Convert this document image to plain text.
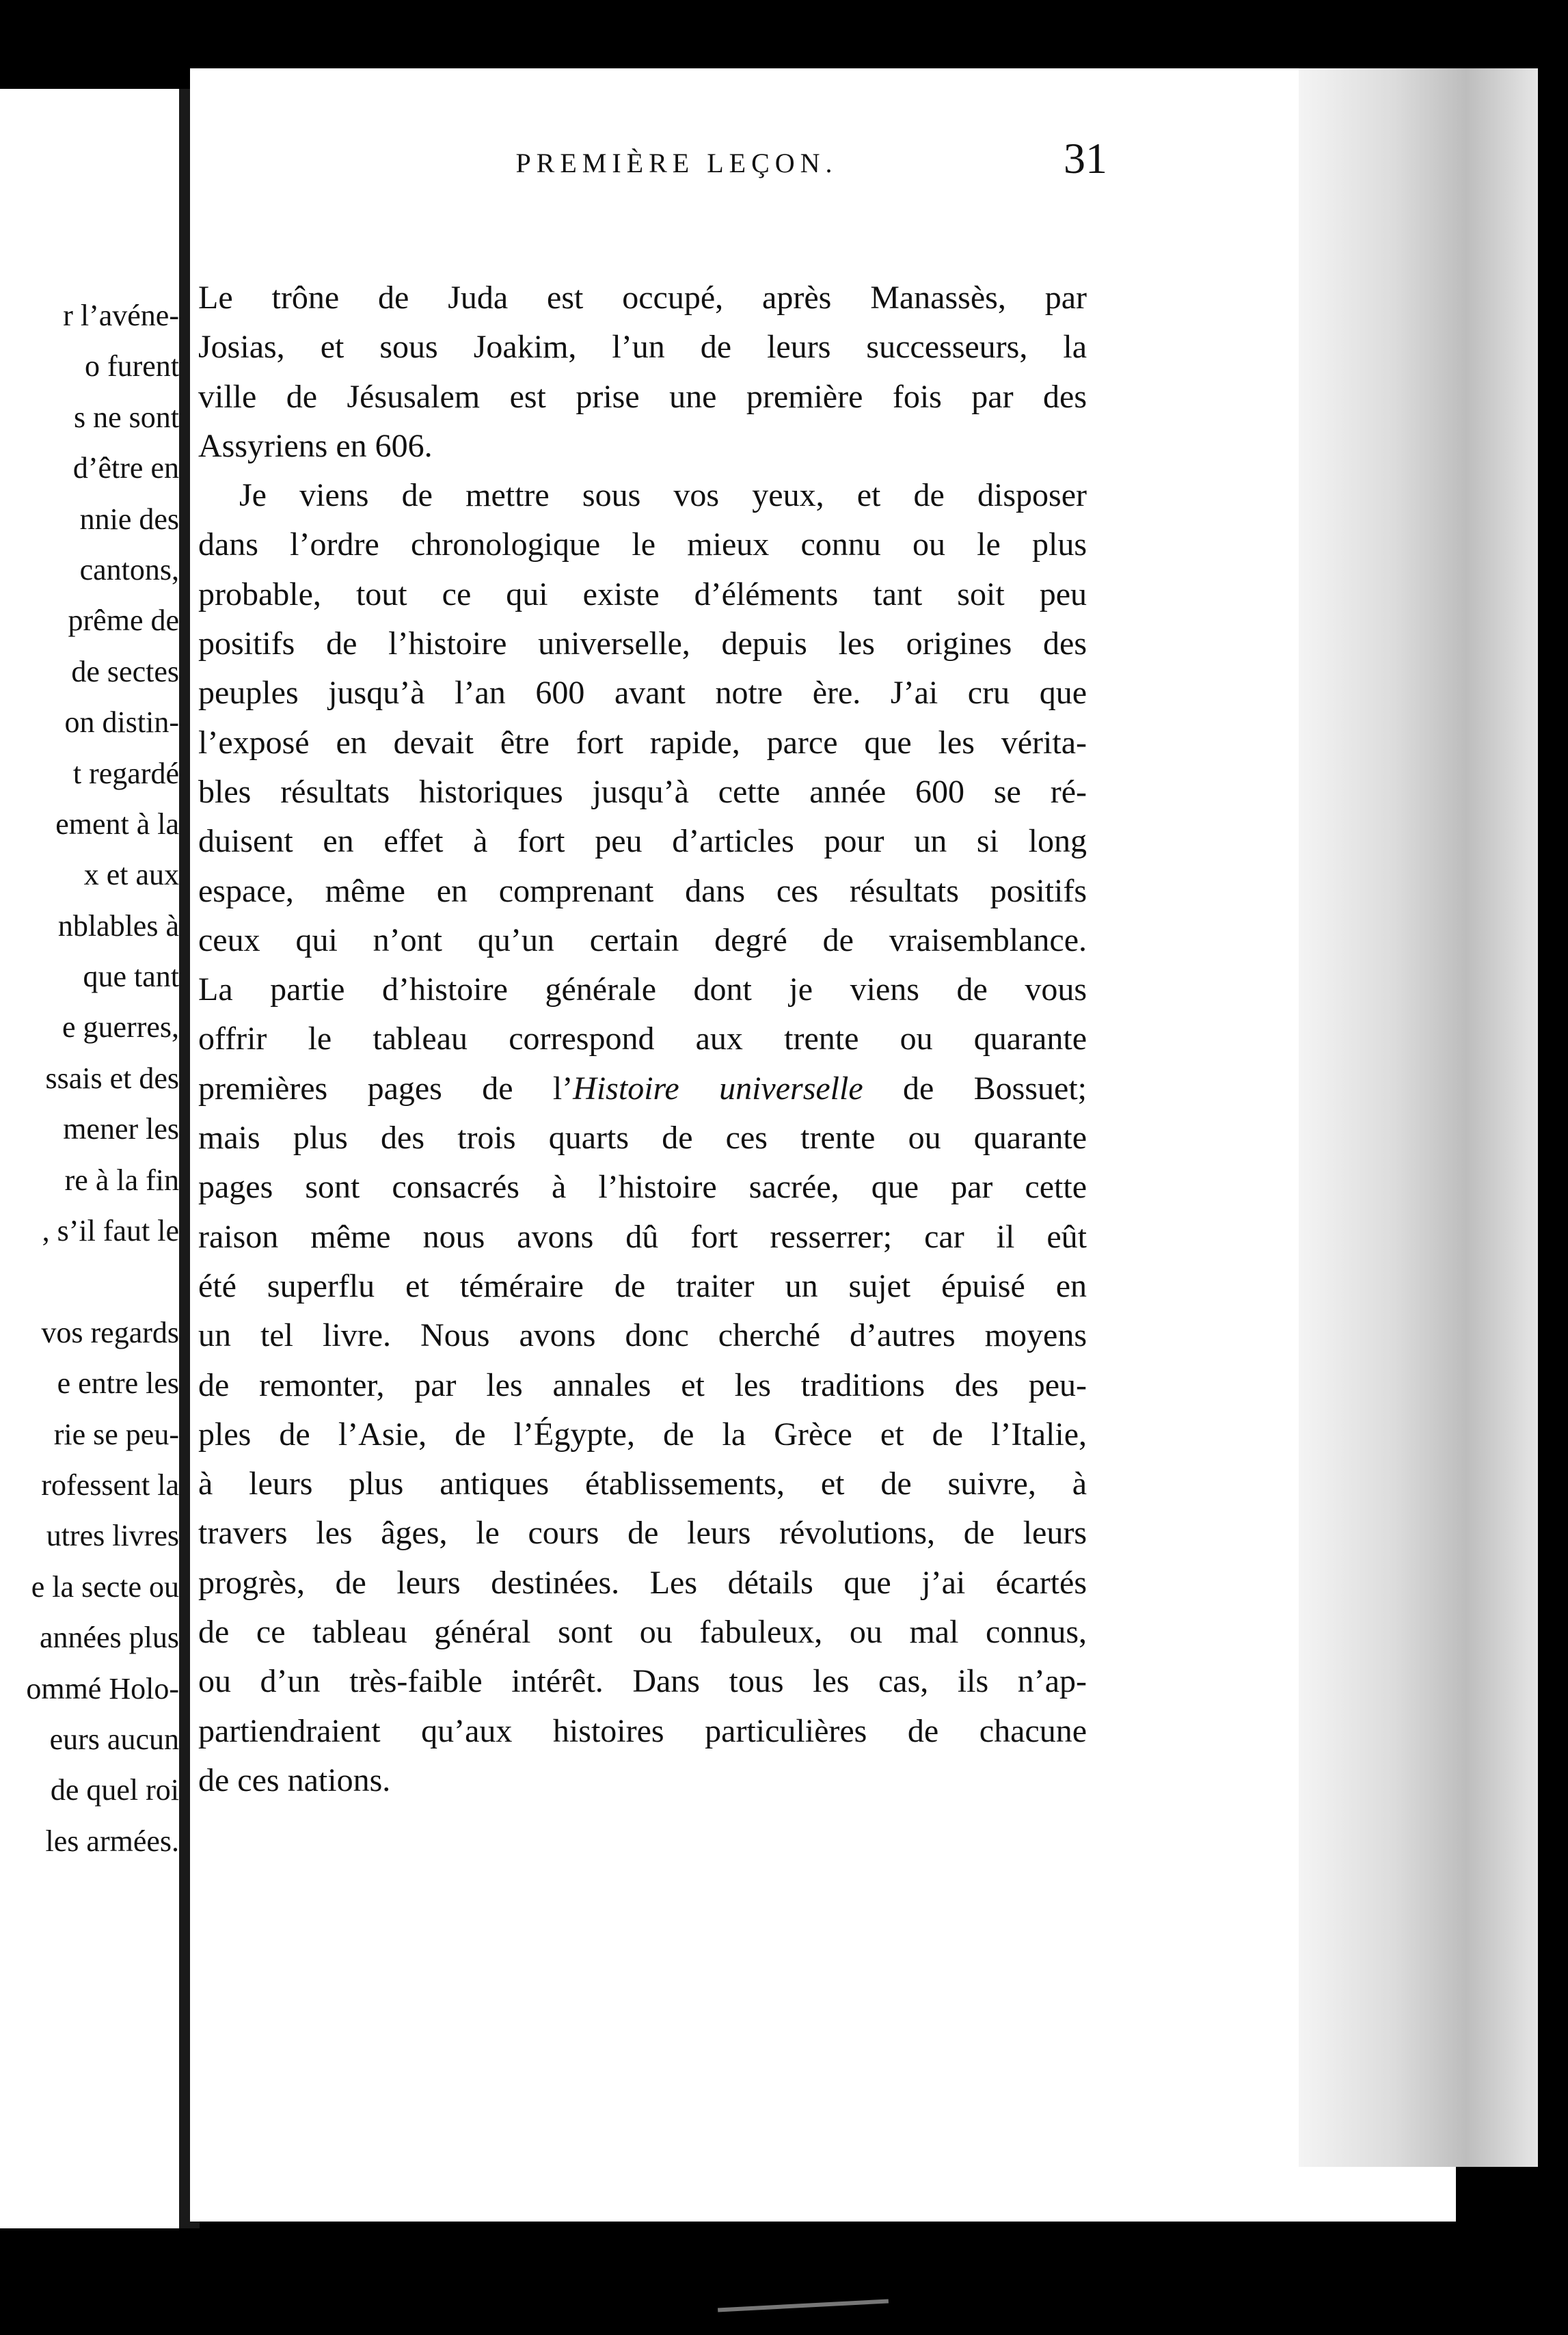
r l’avéne-
o furent
s ne sont
d’être en
nnie des
cantons,
prême de
de sectes
on distin-
t regardé
ement à la
x et aux
nblables à
que tant
e guerres,
ssais et des
mener les
re à la fin
, s’il faut le
vos regards
e entre les
rie se peu-
rofessent la
utres livres
e la secte ou
années plus
ommé Holo-
eurs aucun
de quel roi
les armées.
PREMIÈRE LEÇON.	31
Le trône de Juda est occupé, après Manassès, par
Josias, et sous Joakim, l’un de leurs successeurs, la
ville de Jésusalem est prise une première fois par des
Assyriens en 606.
Je viens de mettre sous vos yeux, et de disposer
dans l’ordre chronologique le mieux connu ou le plus
probable, tout ce qui existe d’éléments tant soit peu
positifs de l’histoire universelle, depuis les origines des
peuples jusqu’à l’an 600 avant notre ère. J’ai cru que
l’exposé en devait être fort rapide, parce que les vérita-
bles résultats historiques jusqu’à cette année 600 se ré-
duisent en effet à fort peu d’articles pour un si long
espace, même en comprenant dans ces résultats positifs
ceux qui n’ont qu’un certain degré de vraisemblance.
La partie d’histoire générale dont je viens de vous
offrir le tableau correspond aux trente ou quarante
premières pages de l’Histoire universelle de Bossuet;
mais plus des trois quarts de ces trente ou quarante
pages sont consacrés à l’histoire sacrée, que par cette
raison même nous avons dû fort resserrer; car il eût
été superflu et téméraire de traiter un sujet épuisé en
un tel livre. Nous avons donc cherché d’autres moyens
de remonter, par les annales et les traditions des peu-
ples de l’Asie, de l’Égypte, de la Grèce et de l’Italie,
à leurs plus antiques établissements, et de suivre, à
travers les âges, le cours de leurs révolutions, de leurs
progrès, de leurs destinées. Les détails que j’ai écartés
de ce tableau général sont ou fabuleux, ou mal connus,
ou d’un très-faible intérêt. Dans tous les cas, ils n’ap-
partiendraient qu’aux histoires particulières de chacune
de ces nations.
